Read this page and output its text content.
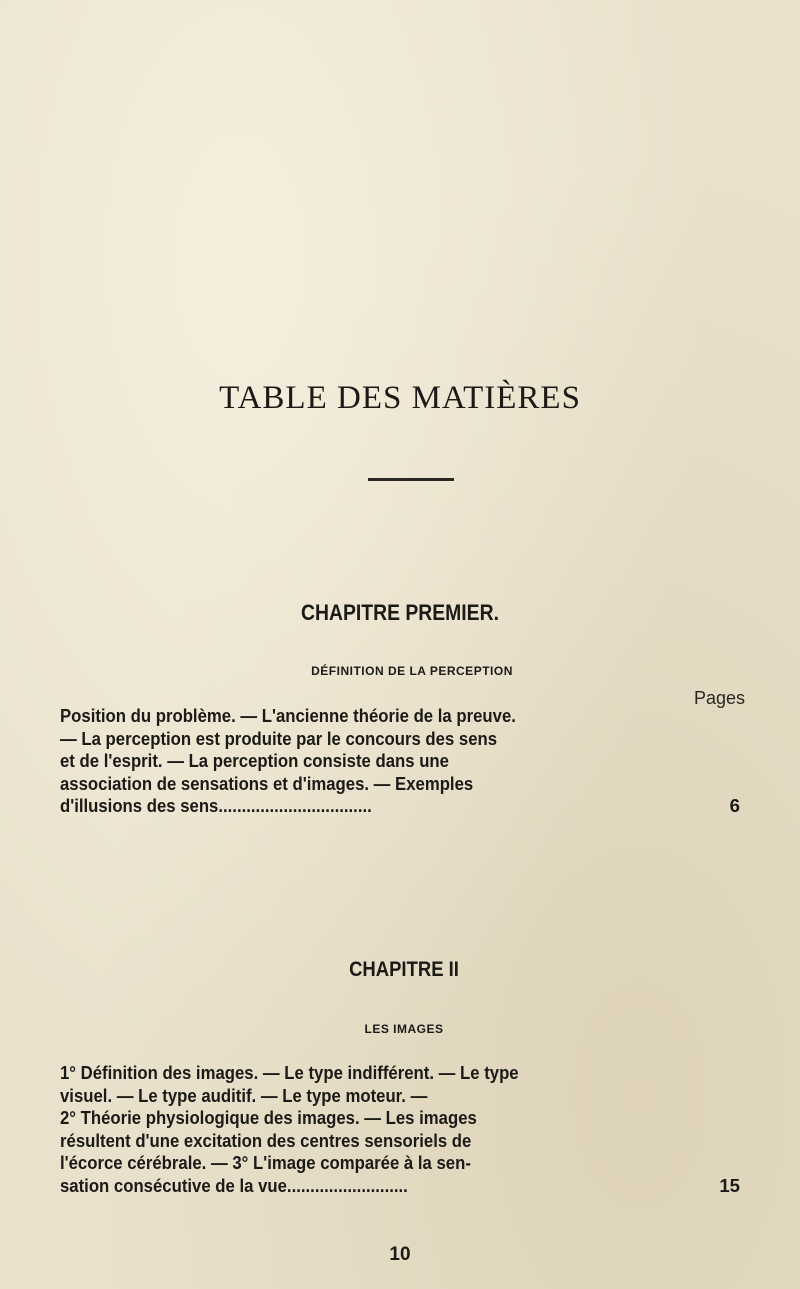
TABLE DES MATIÈRES
CHAPITRE PREMIER.
DÉFINITION DE LA PERCEPTION
Pages
Position du problème. — L'ancienne théorie de la preuve.
— La perception est produite par le concours des sens
et de l'esprit. — La perception consiste dans une
association de sensations et d'images. — Exemples
d'illusions des sens.................................	6
CHAPITRE II
LES IMAGES
1° Définition des images. — Le type indifférent. — Le type
visuel. — Le type auditif. — Le type moteur. —
2° Théorie physiologique des images. — Les images
résultent d'une excitation des centres sensoriels de
l'écorce cérébrale. — 3° L'image comparée à la sen-
sation consécutive de la vue..........................	15
10
